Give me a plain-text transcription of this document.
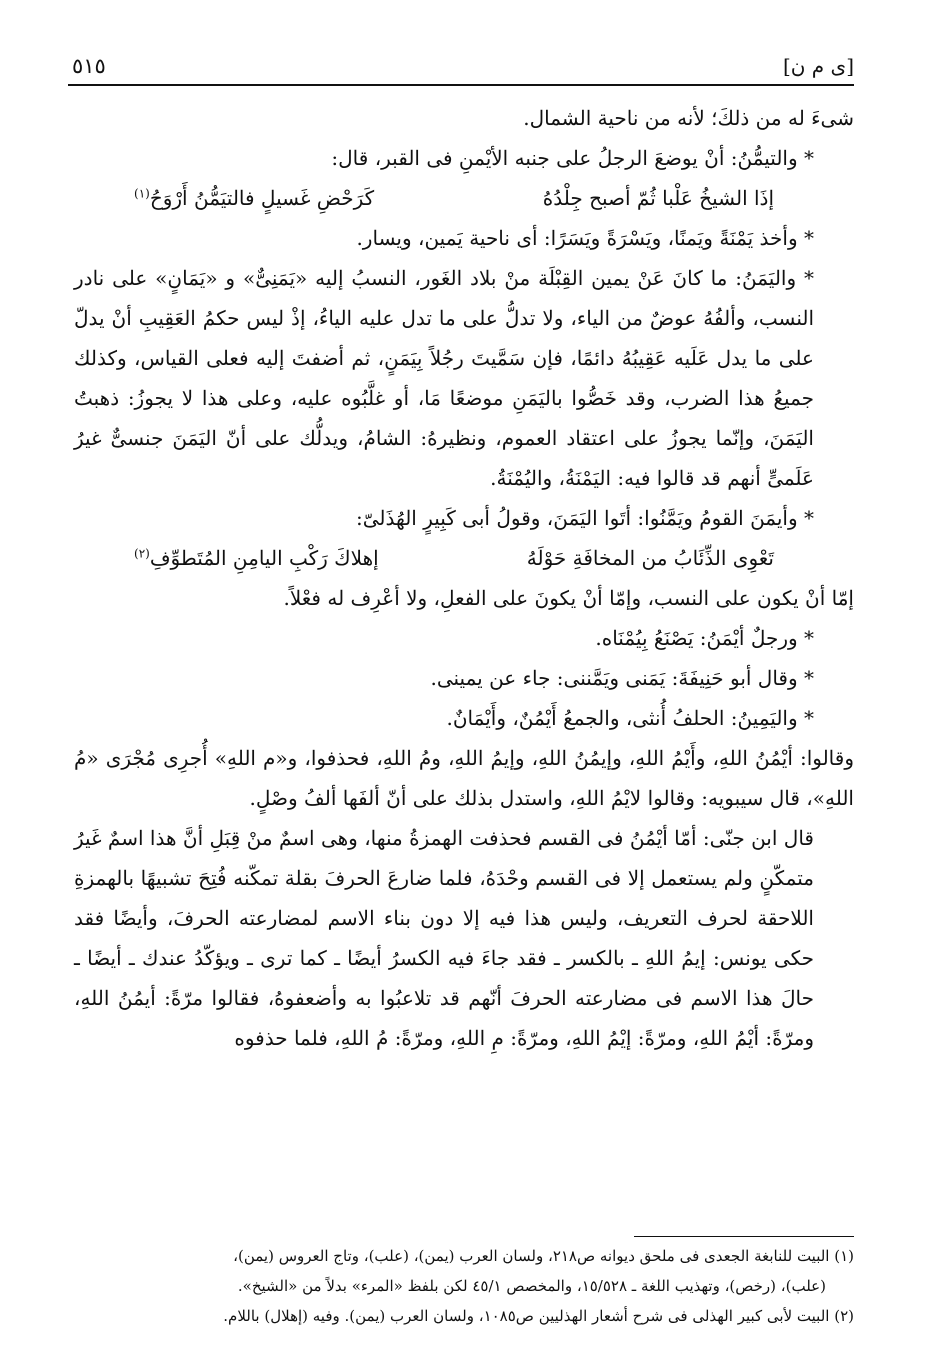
٥١٥	[ى م ن]

شىءَ له من ذلكَ؛ لأنه من ناحية الشمال.

* والتيمُّنُ: أنْ يوضعَ الرجلُ على جنبه الأيْمنِ فى القبر، قال:

إذَا الشيخُ عَلْبا ثُمّ أصبح جِلْدُهُ
كَرَحْضِ غَسيلٍ فالتيَمُّنُ أَرْوَحُ$^{(١)}$

* وأخذ يَمْنَةً ويَمنًا، ويَسْرَةً ويَسَرًا: أى ناحية يَمين، ويسار.

* واليَمَنُ: ما كانَ عَنْ يمين القِبْلَة منْ بلاد الغَور، النسبُ إليه «يَمَنِىٌّ» و «يَمَانٍ» على نادر النسب، وألفُهُ عوضٌ من الياء، ولا تدلُّ على ما تدل عليه الياءُ، إذْ ليس حكمُ العَقِيبِ أنْ يدلّ على ما يدل عَلَيه عَقِيبُهُ دائمًا، فإن سَمَّيتَ رجُلاً بِيَمَنٍ، ثم أضفتَ إليه فعلى القياس، وكذلك جميعُ هذا الضرب، وقد خَصُّوا باليَمَنِ موضعًا مَا، أو غلَّبُوه عليه، وعلى هذا لا يجوزُ: ذهبتُ اليَمَنَ، وإنّما يجوزُ على اعتقاد العموم، ونظيرهُ: الشامُ، ويدلُّك على أنّ اليَمَنَ جنسىٌّ غيرُ عَلَمىٍّ أنهم قد قالوا فيه: اليَمْنَةُ، واليُمْنَةُ.

* وأيمَنَ القومُ ويَمَّنُوا: أتَوا اليَمَنَ، وقولُ أبى كَبِيرٍ الهُذَلىّ:

تَعْوِى الذِّئَابُ من المخافَةِ حَوْلَهُ
إهلاكَ رَكْبِ اليامِنِ المُتَطوِّفِ$^{(٢)}$

إمّا أنْ يكون على النسب، وإمّا أنْ يكونَ على الفعلِ، ولا أعْرِف له فعْلاً.

* ورجلٌ أيْمَنُ: يَصْنَعُ بِيُمْنَاه.

* وقال أبو حَنِيفَةَ: يَمَنى ويَمَّننى: جاء عن يمينى.

* واليَمِينُ: الحلفُ أُنثى، والجمعُ أَيْمُنٌ، وأَيْمَانٌ.

وقالوا: أيْمُنُ اللهِ، وأَيْمُ اللهِ، وإيمُنُ اللهِ، وإيمُ اللهِ، ومُ اللهِ، فحذفوا، و«م اللهِ» أُجرِى مُجْرَى «مُ اللهِ»، قال سيبويه: وقالوا لايْمُ اللهِ، واستدل بذلك على أنّ ألفَها ألفُ وصْلٍ.

قال ابن جنّى: أمّا أيْمُنُ فى القسم فحذفت الهمزةُ منها، وهى اسمٌ منْ قِبَلِ أنَّ هذا اسمٌ غَيرُ متمكّنٍ ولم يستعمل إلا فى القسم وحْدَهُ، فلما ضارعَ الحرفَ بقلة تمكّنه فُتِحَ تشبيهًا بالهمزةِ اللاحقة لحرف التعريف، وليس هذا فيه إلا دون بناء الاسم لمضارعته الحرفَ، وأيضًا فقد حكى يونس: إيمُ اللهِ ـ بالكسر ـ فقد جاءَ فيه الكسرُ أيضًا ـ كما ترى ـ ويؤكّدُ عندك ـ أيضًا ـ حالَ هذا الاسم فى مضارعته الحرفَ أنّهم قد تلاعبُوا به وأضعفوهُ، فقالوا مرّةً: أيمُنُ اللهِ، ومرّةً: أيْمُ اللهِ، ومرّةً: إيْمُ اللهِ، ومرّةً: مِ اللهِ، ومرّةً: مُ اللهِ، فلما حذفوه

(١) البيت للنابغة الجعدى فى ملحق ديوانه ص٢١٨، ولسان العرب (يمن)، (علب)، وتاج العروس (يمن)،

(علب)، (رخص)، وتهذيب اللغة ـ ١٥/٥٢٨، والمخصص ٤٥/١ لكن بلفظ «المرء» بدلاً من «الشيخ».

(٢) البيت لأبى كبير الهذلى فى شرح أشعار الهذليين ص١٠٨٥، ولسان العرب (يمن). وفيه (إهلال) باللام.
